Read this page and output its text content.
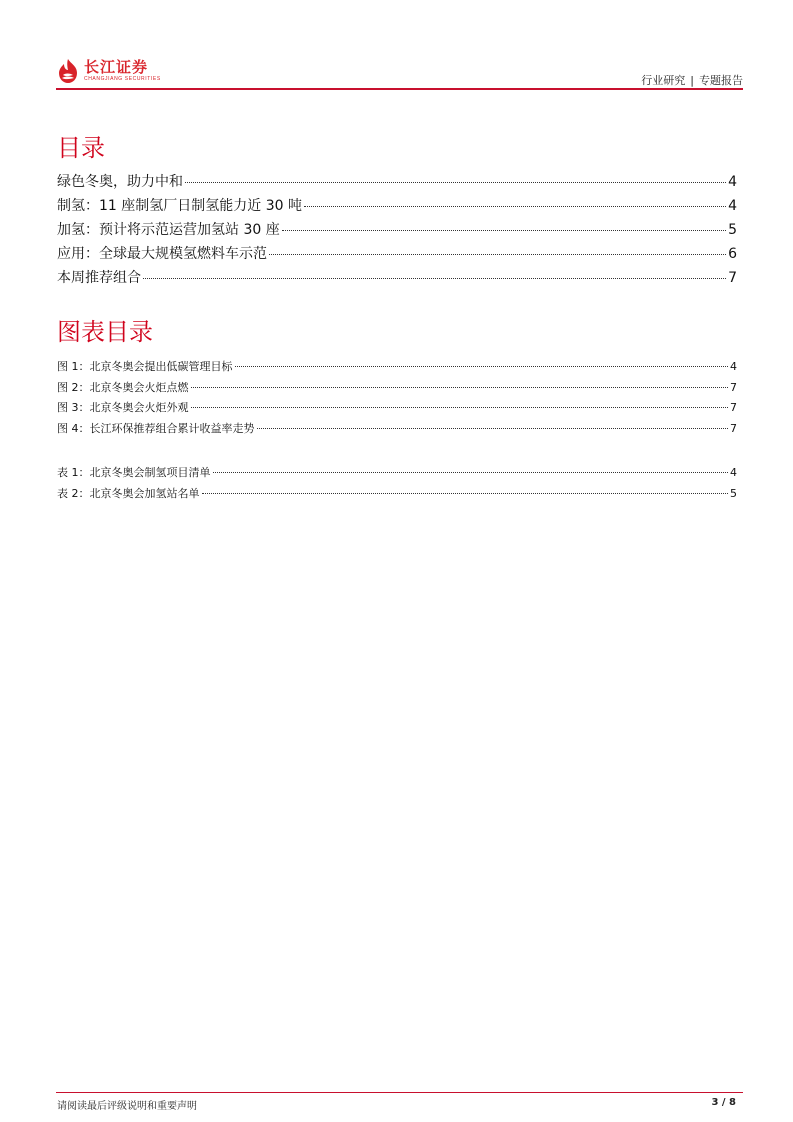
长江证券
CHANGJIANG SECURITIES	行业研究 | 专题报告
目录
绿色冬奥，助力中和	4
制氢：11 座制氢厂日制氢能力近 30 吨	4
加氢：预计将示范运营加氢站 30 座	5
应用：全球最大规模氢燃料车示范	6
本周推荐组合	7
图表目录
图 1：北京冬奥会提出低碳管理目标	4
图 2：北京冬奥会火炬点燃	7
图 3：北京冬奥会火炬外观	7
图 4：长江环保推荐组合累计收益率走势	7
表 1：北京冬奥会制氢项目清单	4
表 2：北京冬奥会加氢站名单	5
请阅读最后评级说明和重要声明	3 / 8
